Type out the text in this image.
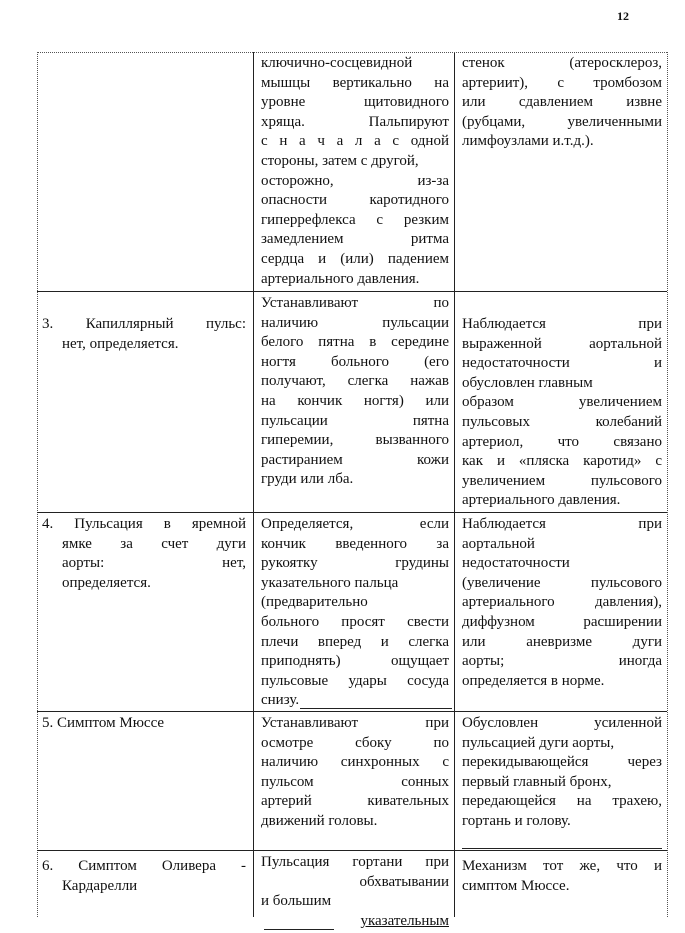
12
ключично-сосцевидной
мышцы вертикально на
уровне щитовидного
хряща. Пальпируют
с н а ч а л а с одной
стороны, затем с другой,
осторожно, из-за
опасности каротидного
гиперрефлекса с резким
замедлением ритма
сердца и (или) падением
артериального давления.
стенок (атеросклероз,
артериит), с тромбозом
или сдавлением извне
(рубцами, увеличенными
лимфоузлами и.т.д.).
3. Капиллярный пульс:
нет, определяется.
Устанавливают по
наличию пульсации
белого пятна в середине
ногтя больного (его
получают, слегка нажав
на кончик ногтя) или
пульсации пятна
гиперемии, вызванного
растиранием кожи
груди или лба.
Наблюдается при
выраженной аортальной
недостаточности и
обусловлен главным
образом увеличением
пульсовых колебаний
артериол, что связано
как и «пляска каротид» с
увеличением пульсового
артериального давления.
4. Пульсация в яремной
ямке за счет дуги
аорты: нет,
определяется.
Определяется, если
кончик введенного за
рукоятку грудины
указательного пальца
(предварительно
больного просят свести
плечи вперед и слегка
приподнять) ощущает
пульсовые удары сосуда
снизу.
Наблюдается при
аортальной
недостаточности
(увеличение пульсового
артериального давления),
диффузном расширении
или аневризме дуги
аорты; иногда
определяется в норме.
5. Симптом Мюссе	Устанавливают при
осмотре сбоку по
наличию синхронных с
пульсом сонных
артерий кивательных
движений головы.
Обусловлен усиленной
пульсацией дуги аорты,
перекидывающейся через
первый главный бронх,
передающейся на трахею,
гортань и голову.
6. Симптом Оливера -
Кардарелли
Пульсация гортани при
обхватывании
и большим
указательным
Механизм тот же, что и
симптом Мюссе.
